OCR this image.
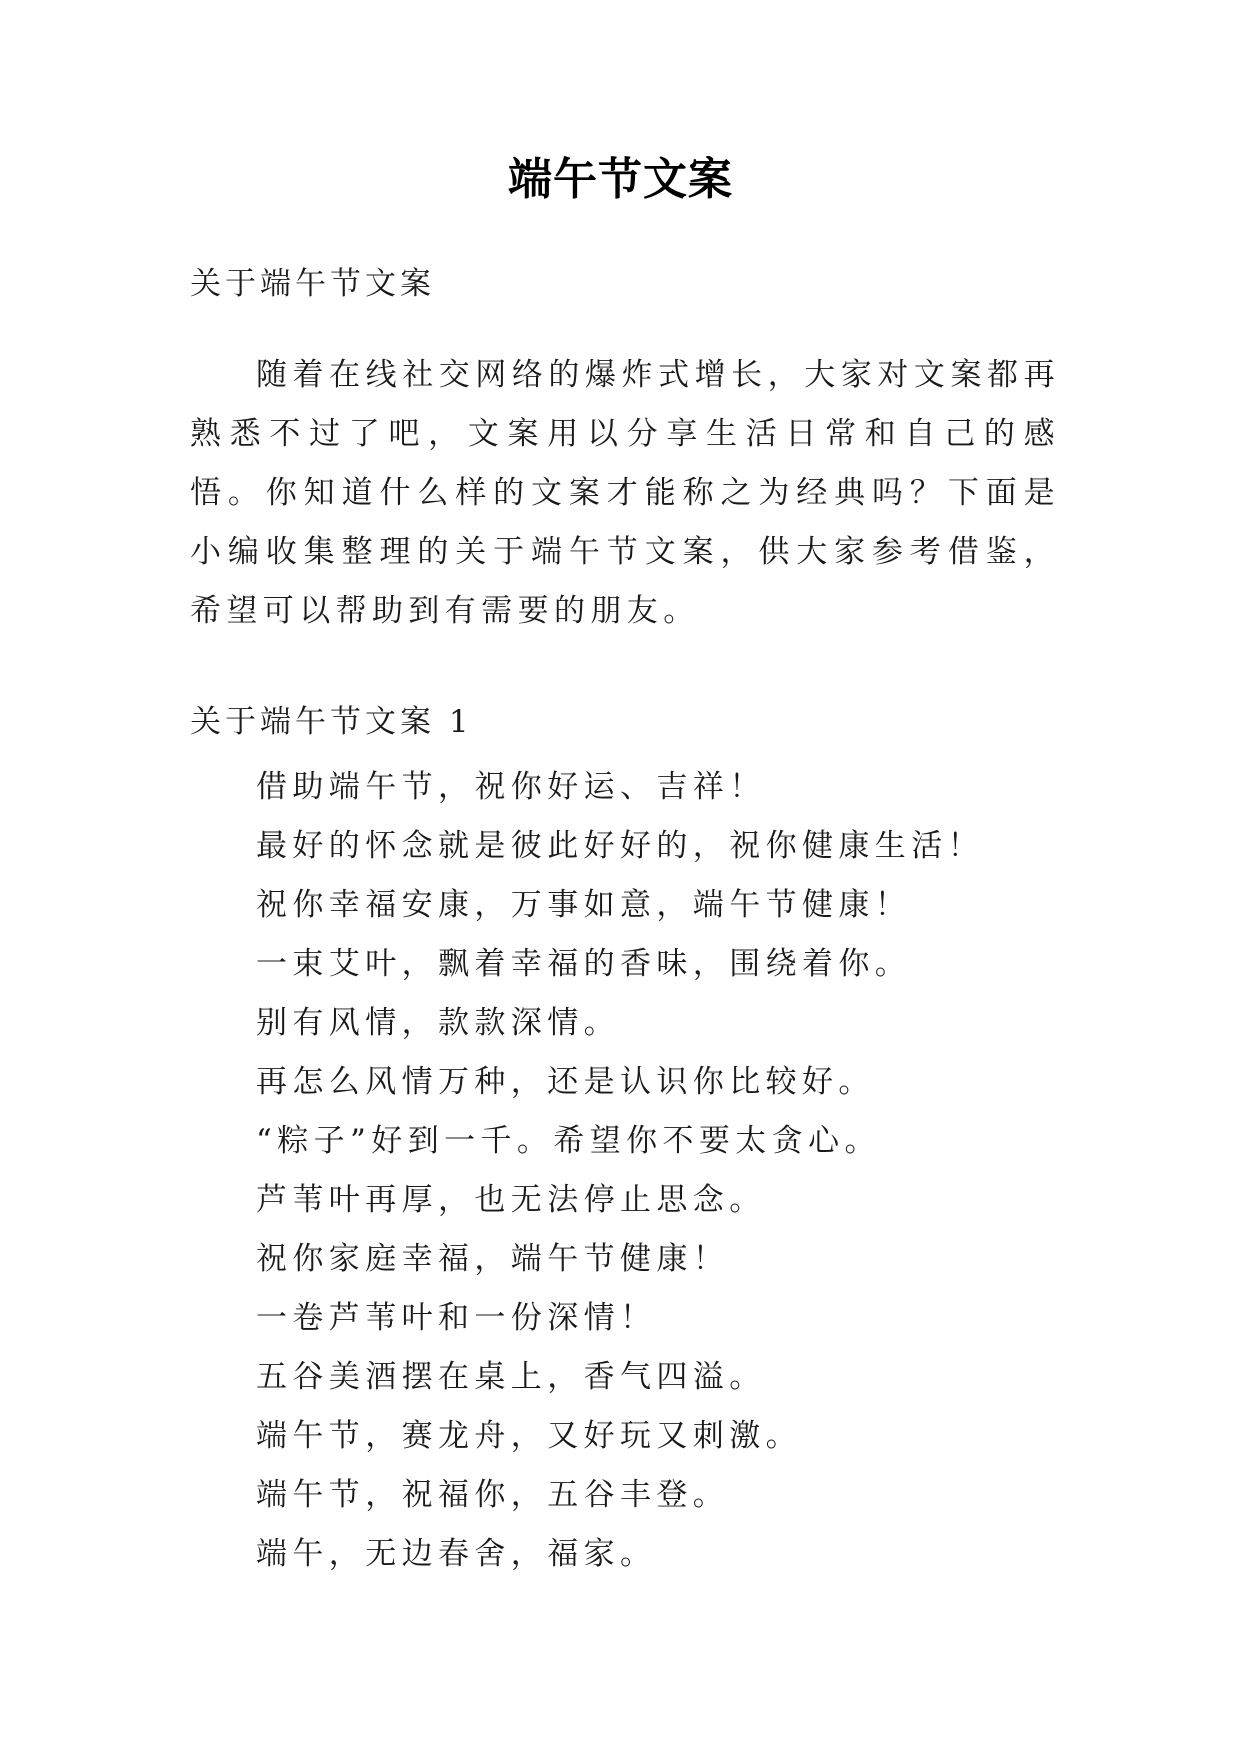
端午节文案
关于端午节文案

随着在线社交网络的爆炸式增长，大家对文案都再熟悉不过了吧，文案用以分享生活日常和自己的感悟。你知道什么样的文案才能称之为经典吗？下面是小编收集整理的关于端午节文案，供大家参考借鉴，希望可以帮助到有需要的朋友。

关于端午节文案 1
借助端午节，祝你好运、吉祥！
最好的怀念就是彼此好好的，祝你健康生活！
祝你幸福安康，万事如意，端午节健康！
一束艾叶，飘着幸福的香味，围绕着你。
别有风情，款款深情。
再怎么风情万种，还是认识你比较好。
“粽子”好到一千。希望你不要太贪心。
芦苇叶再厚，也无法停止思念。
祝你家庭幸福，端午节健康！
一卷芦苇叶和一份深情！
五谷美酒摆在桌上，香气四溢。
端午节，赛龙舟，又好玩又刺激。
端午节，祝福你，五谷丰登。
端午，无边春舍，福家。
